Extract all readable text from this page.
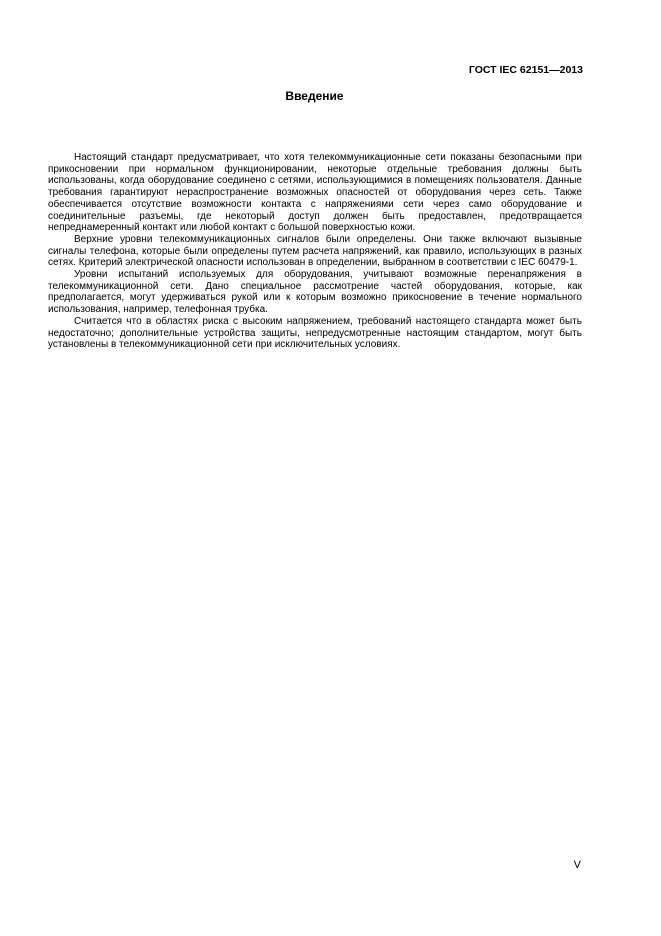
ГОСТ IEC 62151—2013
Введение

Настоящий стандарт предусматривает, что хотя телекоммуникационные сети показаны безопасными при прикосновении при нормальном функционировании, некоторые отдельные требования должны быть использованы, когда оборудование соединено с сетями, использующимися в помещениях пользователя. Данные требования гарантируют нераспространение возможных опасностей от оборудования через сеть. Также обеспечивается отсутствие возможности контакта с напряжениями сети через само оборудование и соединительные разъемы, где некоторый доступ должен быть предоставлен, предотвращается непреднамеренный контакт или любой контакт с большой поверхностью кожи.

Верхние уровни телекоммуникационных сигналов были определены. Они также включают вызывные сигналы телефона, которые были определены путем расчета напряжений, как правило, использующих в разных сетях. Критерий электрической опасности использован в определении, выбранном в соответствии с IEC 60479-1.

Уровни испытаний используемых для оборудования, учитывают возможные перенапряжения в телекоммуникационной сети. Дано специальное рассмотрение частей оборудования, которые, как предполагается, могут удерживаться рукой или к которым возможно прикосновение в течение нормального использования, например, телефонная трубка.

Считается что в областях риска с высоким напряжением, требований настоящего стандарта может быть недостаточно; дополнительные устройства защиты, непредусмотренные настоящим стандартом, могут быть установлены в телекоммуникационной сети при исключительных условиях.

V
